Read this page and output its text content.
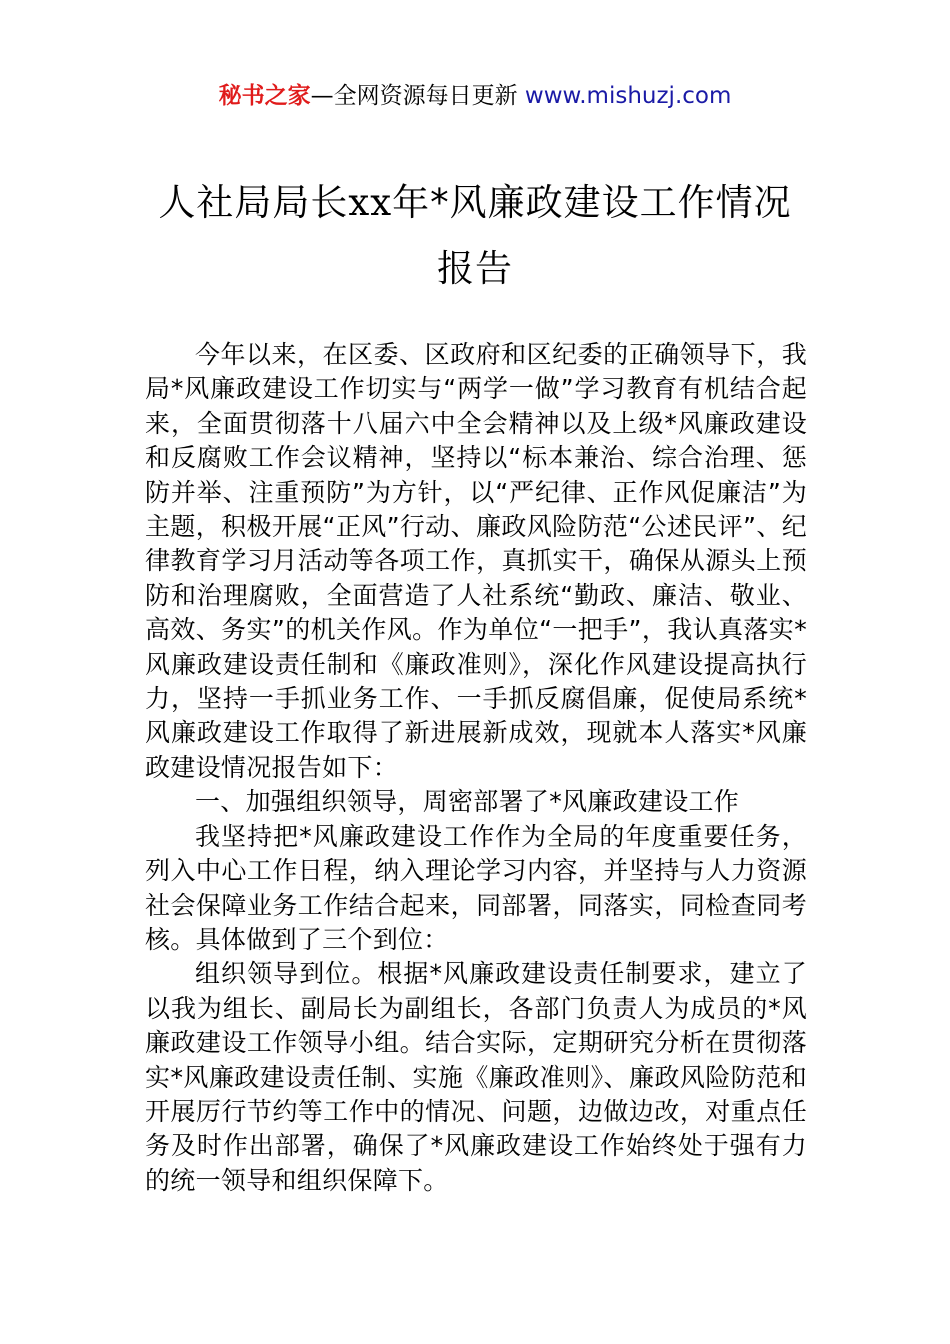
秘书之家—全网资源每日更新 www.mishuzj.com
人社局局长xx年*风廉政建设工作情况报告

今年以来，在区委、区政府和区纪委的正确领导下，我局*风廉政建设工作切实与“两学一做”学习教育有机结合起来，全面贯彻落十八届六中全会精神以及上级*风廉政建设和反腐败工作会议精神，坚持以“标本兼治、综合治理、惩防并举、注重预防”为方针，以“严纪律、正作风促廉洁”为主题，积极开展“正风”行动、廉政风险防范“公述民评”、纪律教育学习月活动等各项工作，真抓实干，确保从源头上预防和治理腐败，全面营造了人社系统“勤政、廉洁、敬业、高效、务实”的机关作风。作为单位“一把手”，我认真落实*风廉政建设责任制和《廉政准则》，深化作风建设提高执行力，坚持一手抓业务工作、一手抓反腐倡廉，促使局系统*风廉政建设工作取得了新进展新成效，现就本人落实*风廉政建设情况报告如下：

一、加强组织领导，周密部署了*风廉政建设工作

我坚持把*风廉政建设工作作为全局的年度重要任务，列入中心工作日程，纳入理论学习内容，并坚持与人力资源社会保障业务工作结合起来，同部署，同落实，同检查同考核。具体做到了三个到位：

组织领导到位。根据*风廉政建设责任制要求，建立了以我为组长、副局长为副组长，各部门负责人为成员的*风廉政建设工作领导小组。结合实际，定期研究分析在贯彻落实*风廉政建设责任制、实施《廉政准则》、廉政风险防范和开展厉行节约等工作中的情况、问题，边做边改，对重点任务及时作出部署，确保了*风廉政建设工作始终处于强有力的统一领导和组织保障下。
